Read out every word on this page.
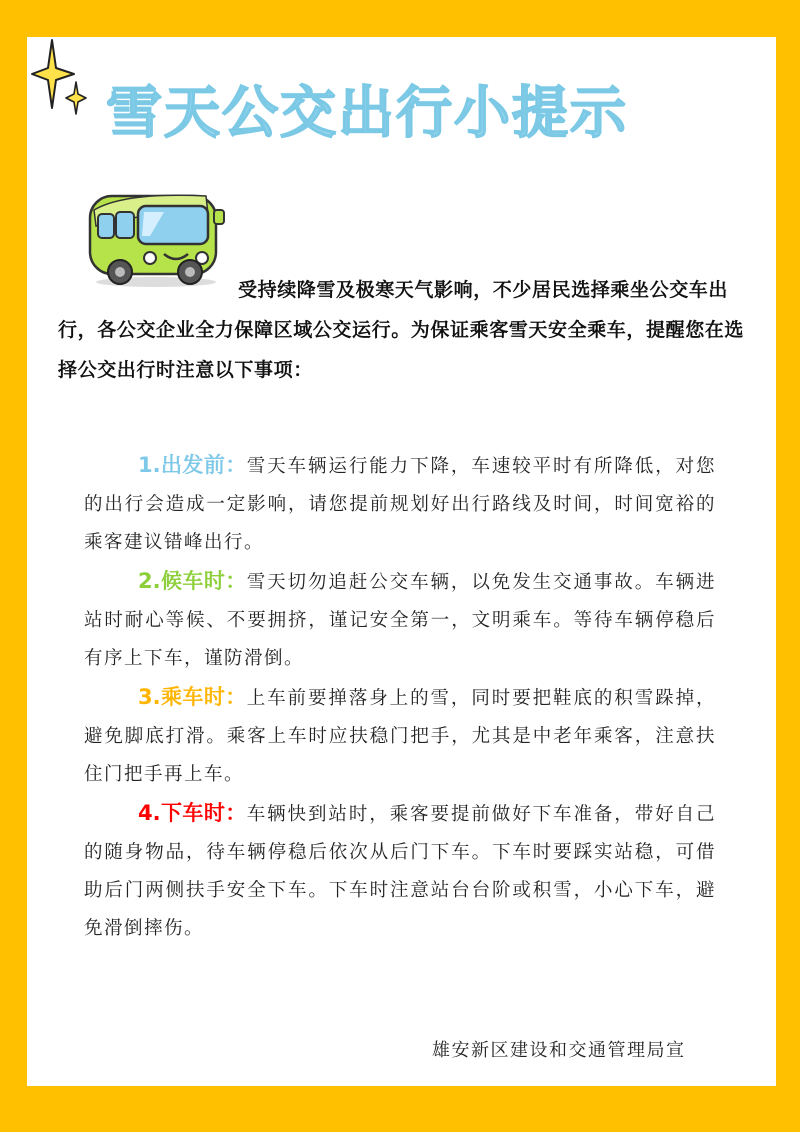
雪天公交出行小提示
受持续降雪及极寒天气影响，不少居民选择乘坐公交车出行，各公交企业全力保障区域公交运行。为保证乘客雪天安全乘车，提醒您在选择公交出行时注意以下事项：

1.出发前：雪天车辆运行能力下降，车速较平时有所降低，对您的出行会造成一定影响，请您提前规划好出行路线及时间，时间宽裕的乘客建议错峰出行。

2.候车时：雪天切勿追赶公交车辆，以免发生交通事故。车辆进站时耐心等候、不要拥挤，谨记安全第一，文明乘车。等待车辆停稳后有序上下车，谨防滑倒。

3.乘车时：上车前要掸落身上的雪，同时要把鞋底的积雪跺掉，避免脚底打滑。乘客上车时应扶稳门把手，尤其是中老年乘客，注意扶住门把手再上车。

4.下车时：车辆快到站时，乘客要提前做好下车准备，带好自己的随身物品，待车辆停稳后依次从后门下车。下车时要踩实站稳，可借助后门两侧扶手安全下车。下车时注意站台台阶或积雪，小心下车，避免滑倒摔伤。

雄安新区建设和交通管理局宣
